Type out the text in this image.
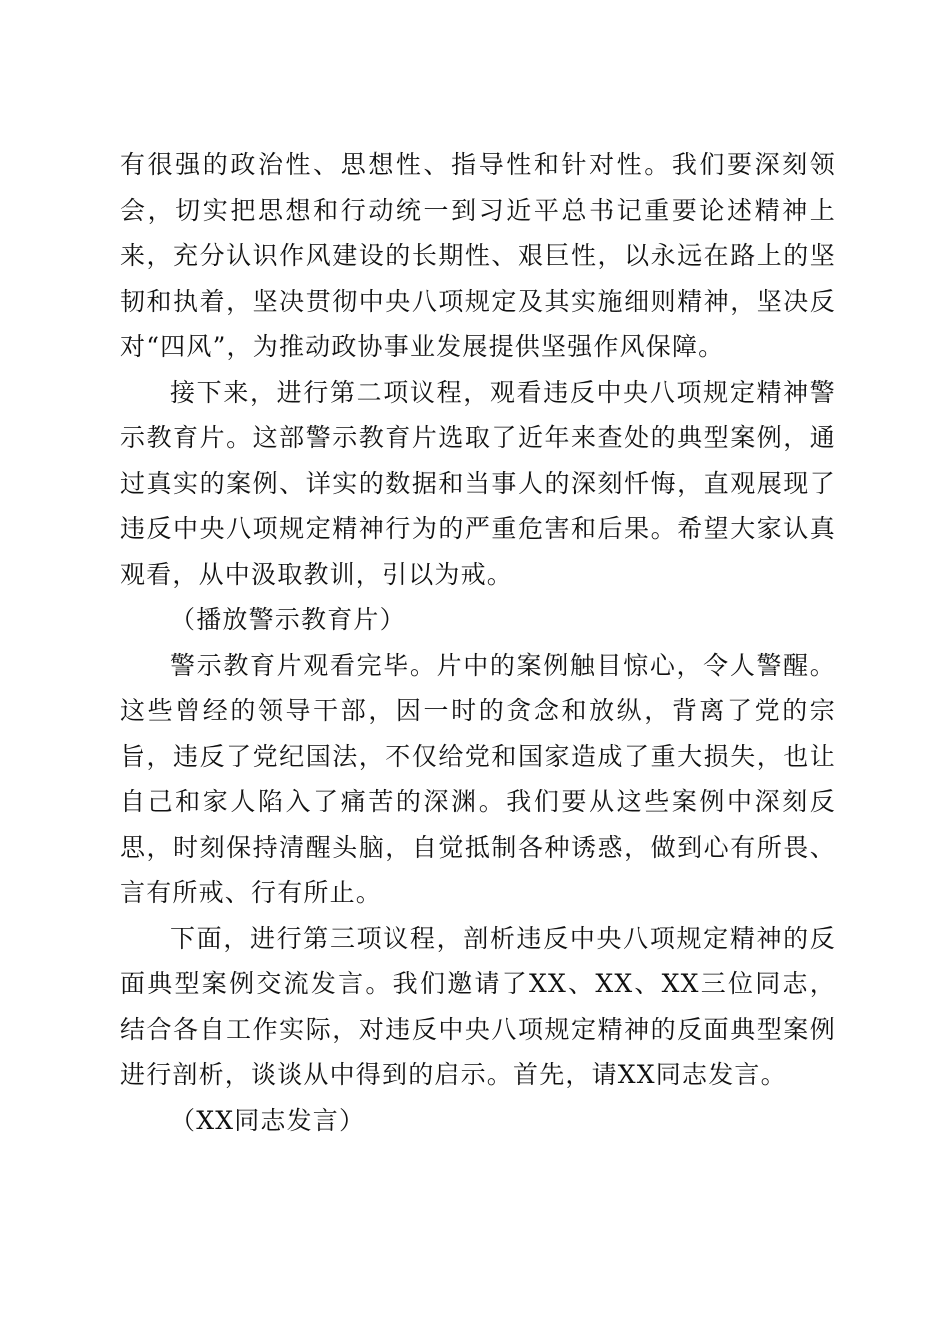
有很强的政治性、思想性、指导性和针对性。我们要深刻领会，切实把思想和行动统一到习近平总书记重要论述精神上来，充分认识作风建设的长期性、艰巨性，以永远在路上的坚韧和执着，坚决贯彻中央八项规定及其实施细则精神，坚决反对“四风”，为推动政协事业发展提供坚强作风保障。

接下来，进行第二项议程，观看违反中央八项规定精神警示教育片。这部警示教育片选取了近年来查处的典型案例，通过真实的案例、详实的数据和当事人的深刻忏悔，直观展现了违反中央八项规定精神行为的严重危害和后果。希望大家认真观看，从中汲取教训，引以为戒。

（播放警示教育片）

警示教育片观看完毕。片中的案例触目惊心，令人警醒。这些曾经的领导干部，因一时的贪念和放纵，背离了党的宗旨，违反了党纪国法，不仅给党和国家造成了重大损失，也让自己和家人陷入了痛苦的深渊。我们要从这些案例中深刻反思，时刻保持清醒头脑，自觉抵制各种诱惑，做到心有所畏、言有所戒、行有所止。

下面，进行第三项议程，剖析违反中央八项规定精神的反面典型案例交流发言。我们邀请了XX、XX、XX三位同志，结合各自工作实际，对违反中央八项规定精神的反面典型案例进行剖析，谈谈从中得到的启示。首先，请XX同志发言。

（XX同志发言）
